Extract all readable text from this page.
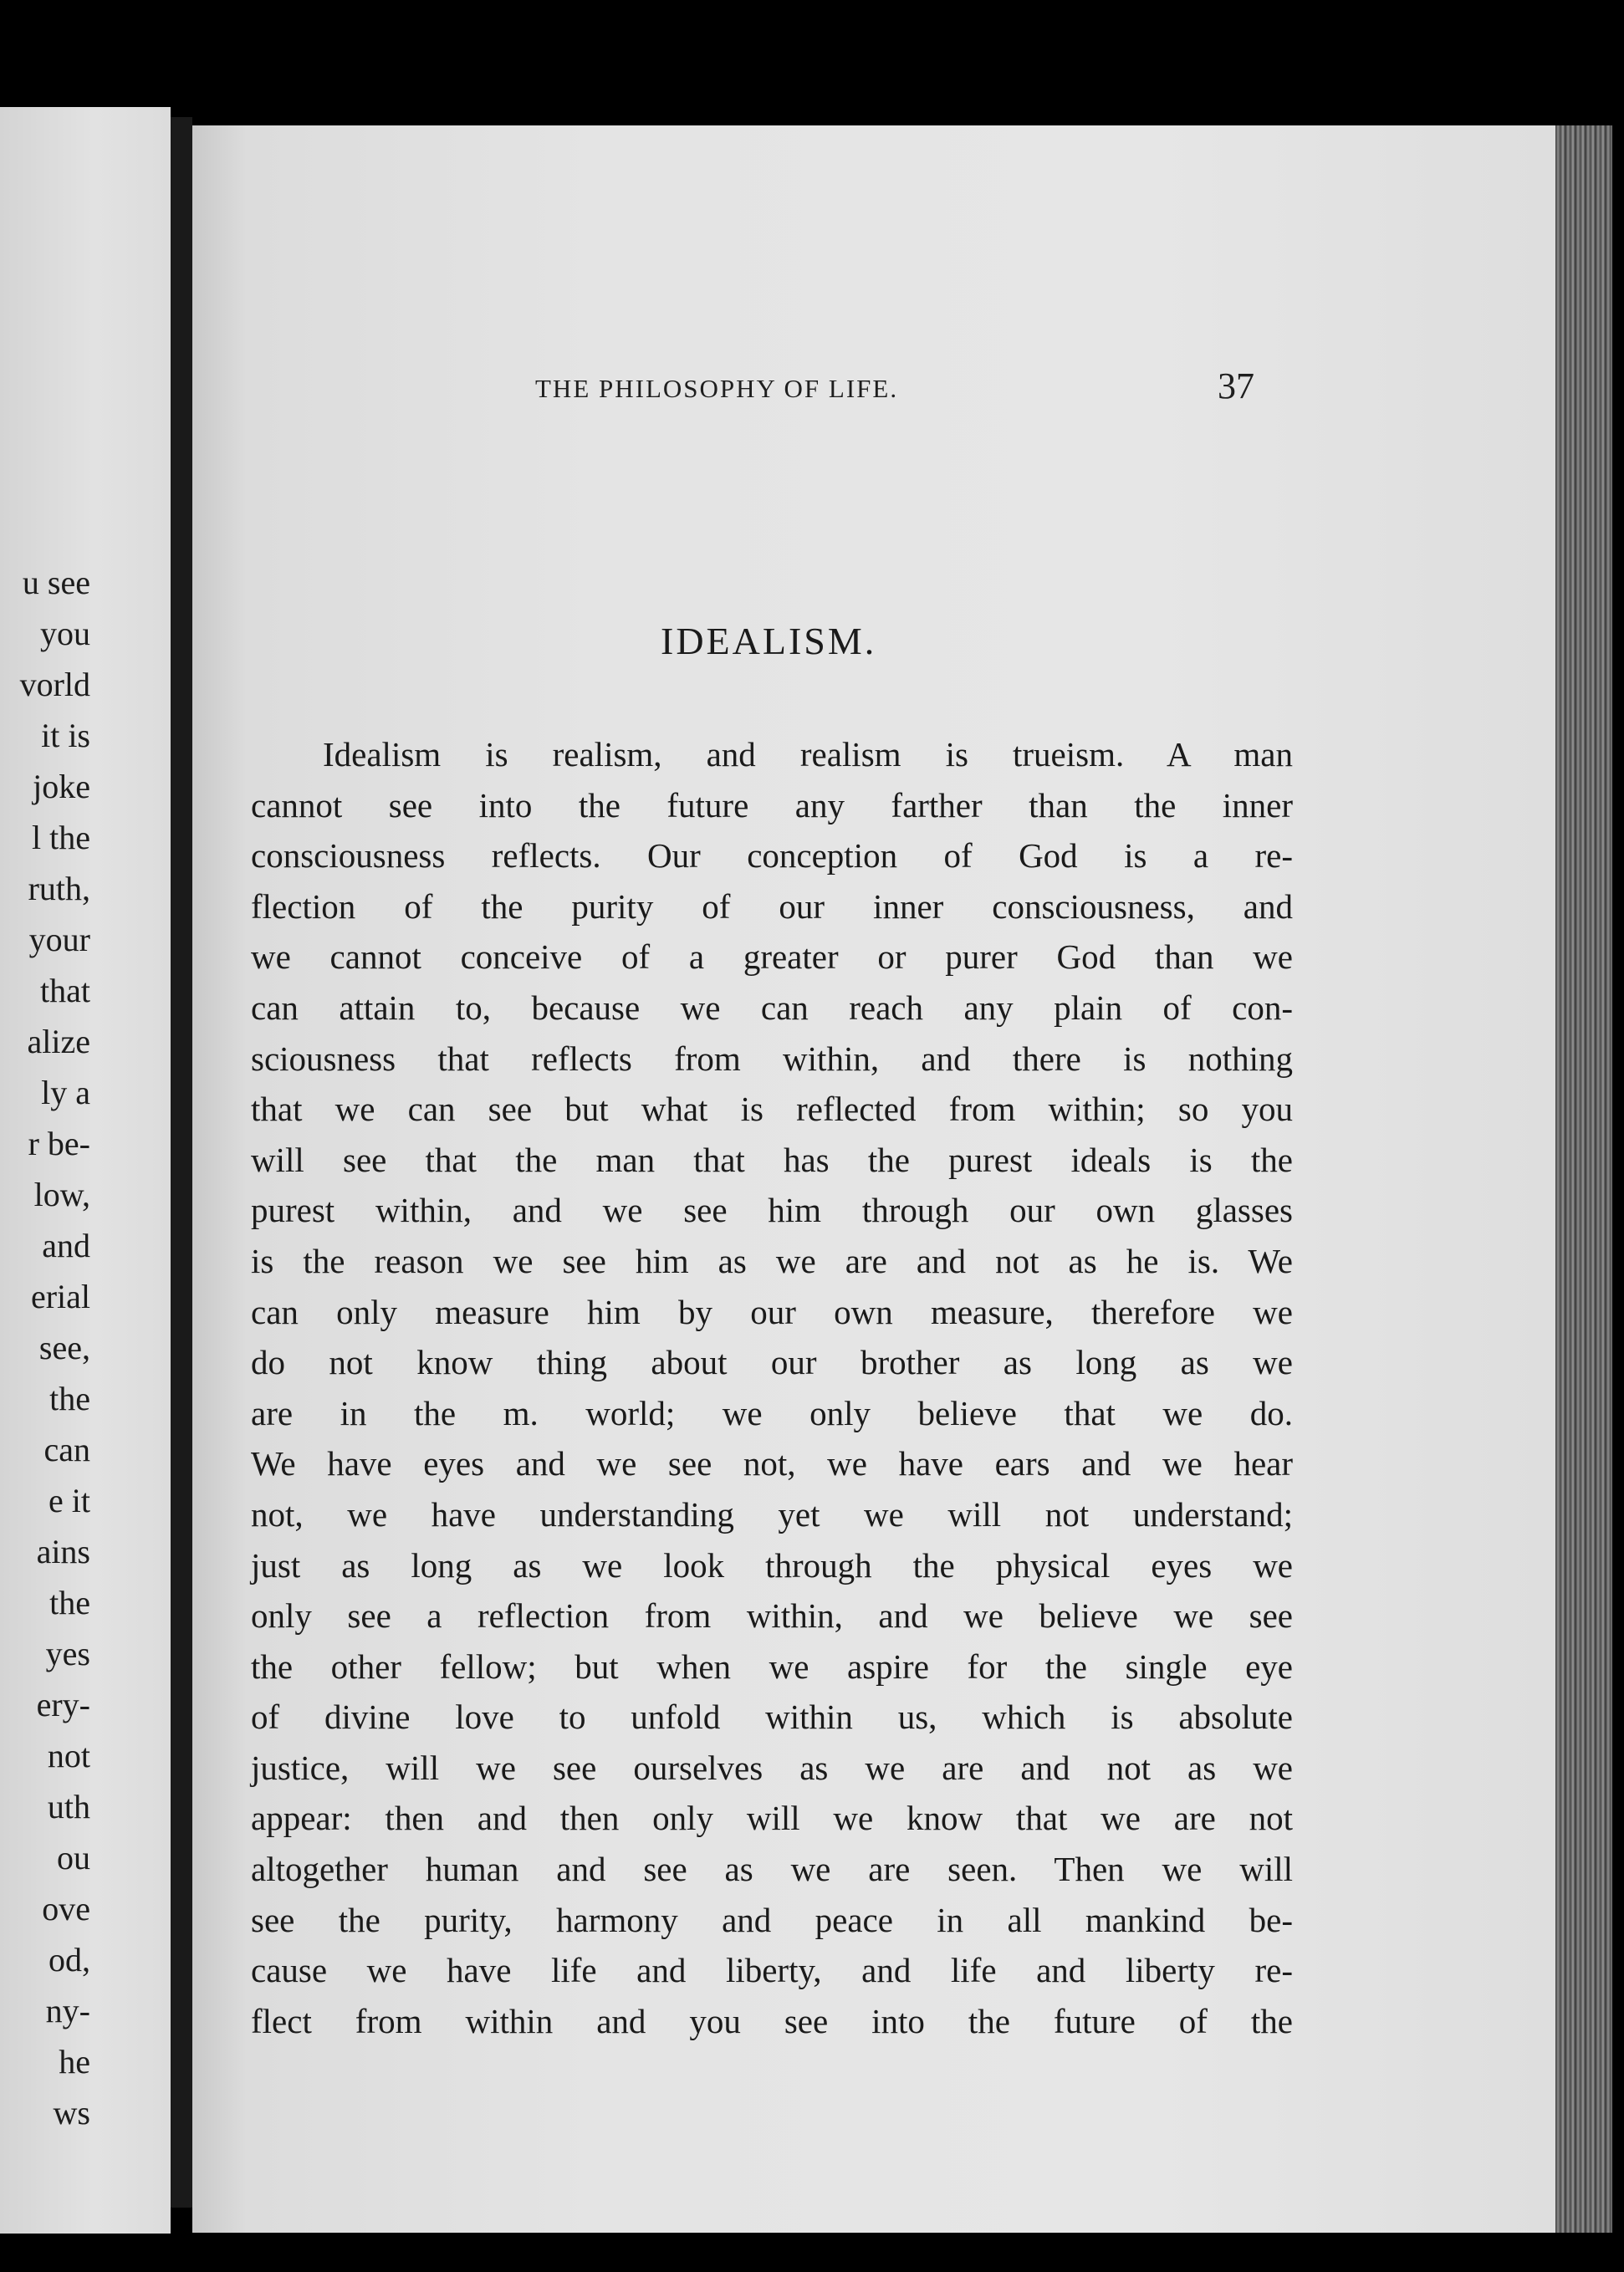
u see
you
vorld
it is
joke
l the
ruth,
your
that
alize
ly a
r be-
low,
and
erial
see,
the
can
e it
ains
the
yes
ery-
not
uth
ou
ove
od,
ny-
he
ws
THE PHILOSOPHY OF LIFE.	37
IDEALISM.
Idealism is realism, and realism is trueism. A man
cannot see into the future any farther than the inner
consciousness reflects. Our conception of God is a re-
flection of the purity of our inner consciousness, and
we cannot conceive of a greater or purer God than we
can attain to, because we can reach any plain of con-
sciousness that reflects from within, and there is nothing
that we can see but what is reflected from within; so you
will see that the man that has the purest ideals is the
purest within, and we see him through our own glasses
is the reason we see him as we are and not as he is. We
can only measure him by our own measure, therefore we
do not know thing about our brother as long as we
are in the m. world; we only believe that we do.
We have eyes and we see not, we have ears and we hear
not, we have understanding yet we will not understand;
just as long as we look through the physical eyes we
only see a reflection from within, and we believe we see
the other fellow; but when we aspire for the single eye
of divine love to unfold within us, which is absolute
justice, will we see ourselves as we are and not as we
appear: then and then only will we know that we are not
altogether human and see as we are seen. Then we will
see the purity, harmony and peace in all mankind be-
cause we have life and liberty, and life and liberty re-
flect from within and you see into the future of the
